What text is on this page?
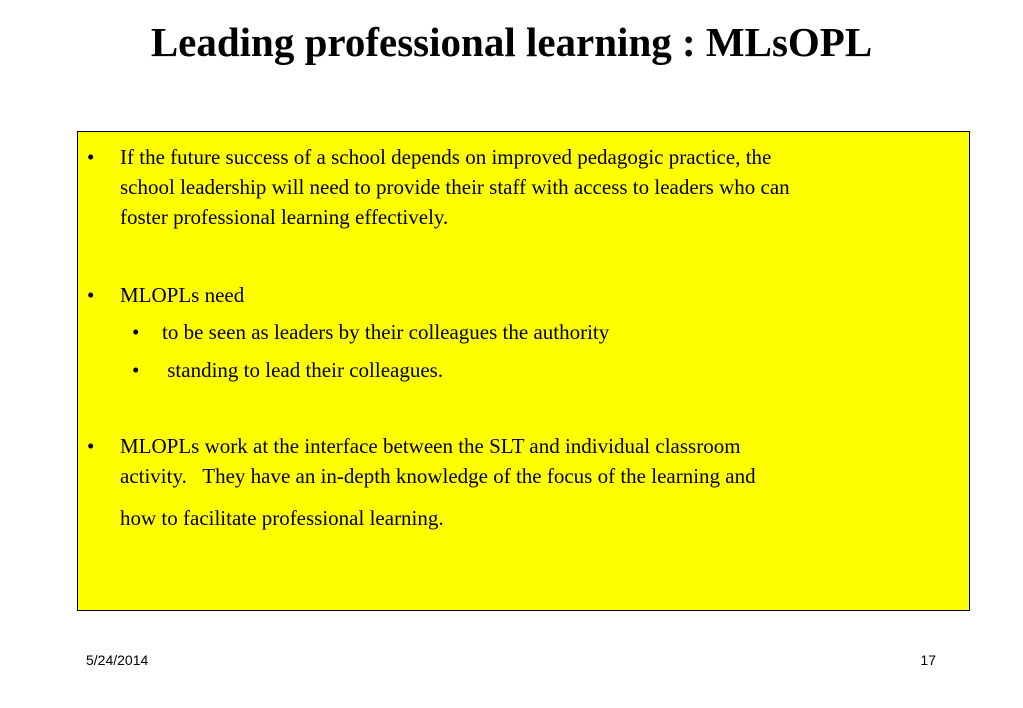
Leading professional learning : MLsOPL
• If the future success of a school depends on improved pedagogic practice, the
school leadership will need to provide their staff with access to leaders who can
foster professional learning effectively.
• MLOPLs need
• to be seen as leaders by their colleagues the authority
• standing to lead their colleagues.
• MLOPLs work at the interface between the SLT and individual classroom
activity.   They have an in-depth knowledge of the focus of the learning and
how to facilitate professional learning.
5/24/2014	17
